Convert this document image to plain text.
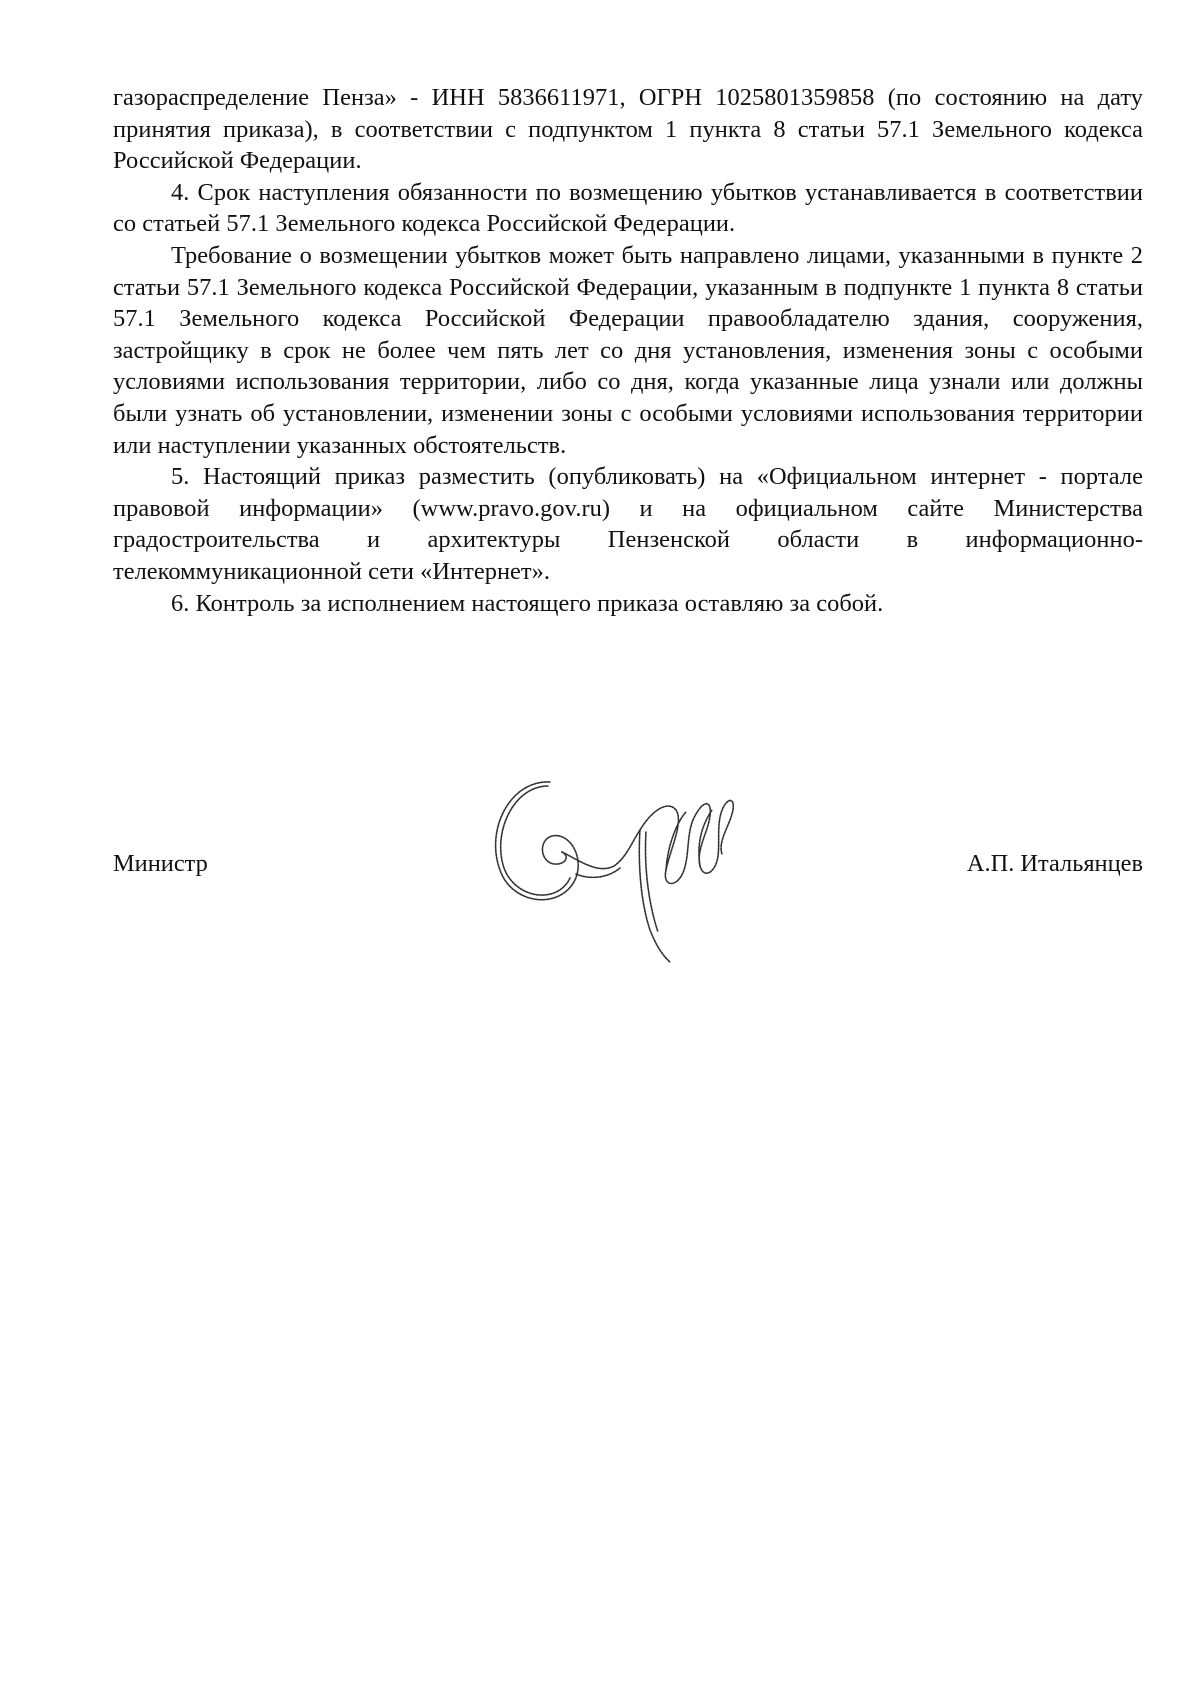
газораспределение Пенза» - ИНН 5836611971, ОГРН 1025801359858 (по состоянию на дату принятия приказа), в соответствии с подпунктом 1 пункта 8 статьи 57.1 Земельного кодекса Российской Федерации.

4. Срок наступления обязанности по возмещению убытков устанавливается в соответствии со статьей 57.1 Земельного кодекса Российской Федерации.

Требование о возмещении убытков может быть направлено лицами, указанными в пункте 2 статьи 57.1 Земельного кодекса Российской Федерации, указанным в подпункте 1 пункта 8 статьи 57.1 Земельного кодекса Российской Федерации правообладателю здания, сооружения, застройщику в срок не более чем пять лет со дня установления, изменения зоны с особыми условиями использования территории, либо со дня, когда указанные лица узнали или должны были узнать об установлении, изменении зоны с особыми условиями использования территории или наступлении указанных обстоятельств.

5. Настоящий приказ разместить (опубликовать) на «Официальном интернет - портале правовой информации» (www.pravo.gov.ru) и на официальном сайте Министерства градостроительства и архитектуры Пензенской области в информационно-телекоммуникационной сети «Интернет».

6. Контроль за исполнением настоящего приказа оставляю за собой.

Министр	А.П. Итальянцев
